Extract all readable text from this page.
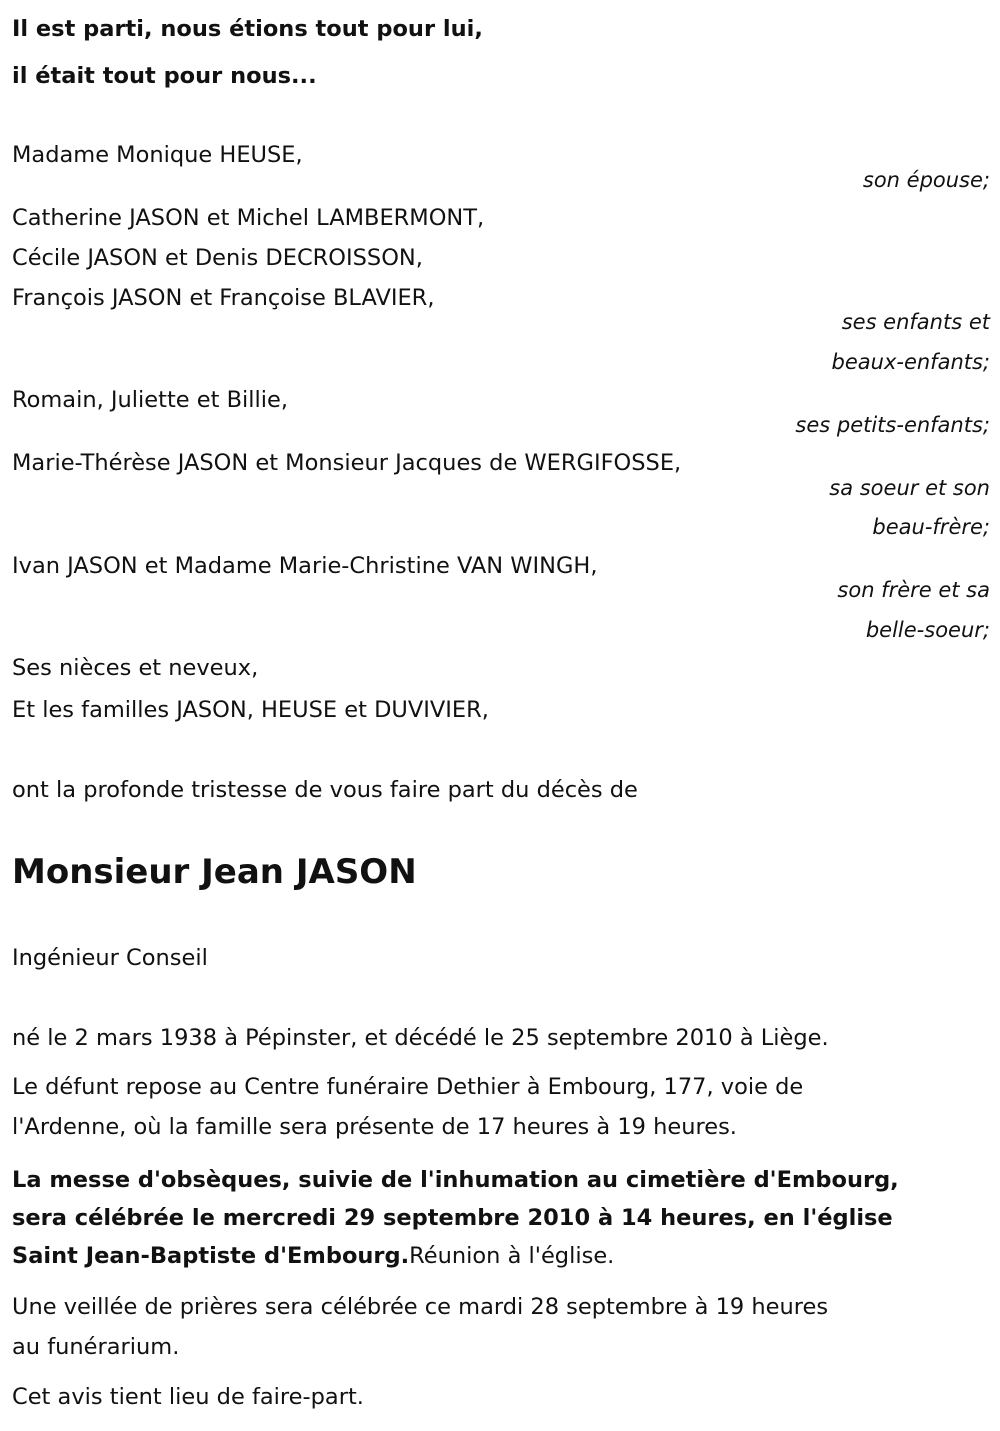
Il est parti, nous étions tout pour lui,
il était tout pour nous...
Madame Monique HEUSE,
son épouse;
Catherine JASON et Michel LAMBERMONT,
Cécile JASON et Denis DECROISSON,
François JASON et Françoise BLAVIER,
ses enfants et
beaux-enfants;
Romain, Juliette et Billie,
ses petits-enfants;
Marie-Thérèse JASON et Monsieur Jacques de WERGIFOSSE,
sa soeur et son
beau-frère;
Ivan JASON et Madame Marie-Christine VAN WINGH,
son frère et sa
belle-soeur;
Ses nièces et neveux,
Et les familles JASON, HEUSE et DUVIVIER,
ont la profonde tristesse de vous faire part du décès de
Monsieur Jean JASON
Ingénieur Conseil
né le 2 mars 1938 à Pépinster, et décédé le 25 septembre 2010 à Liège.
Le défunt repose au Centre funéraire Dethier à Embourg, 177, voie de
l'Ardenne, où la famille sera présente de 17 heures à 19 heures.
La messe d'obsèques, suivie de l'inhumation au cimetière d'Embourg,
sera célébrée le mercredi 29 septembre 2010 à 14 heures, en l'église
Saint Jean-Baptiste d'Embourg.Réunion à l'église.
Une veillée de prières sera célébrée ce mardi 28 septembre à 19 heures
au funérarium.
Cet avis tient lieu de faire-part.
